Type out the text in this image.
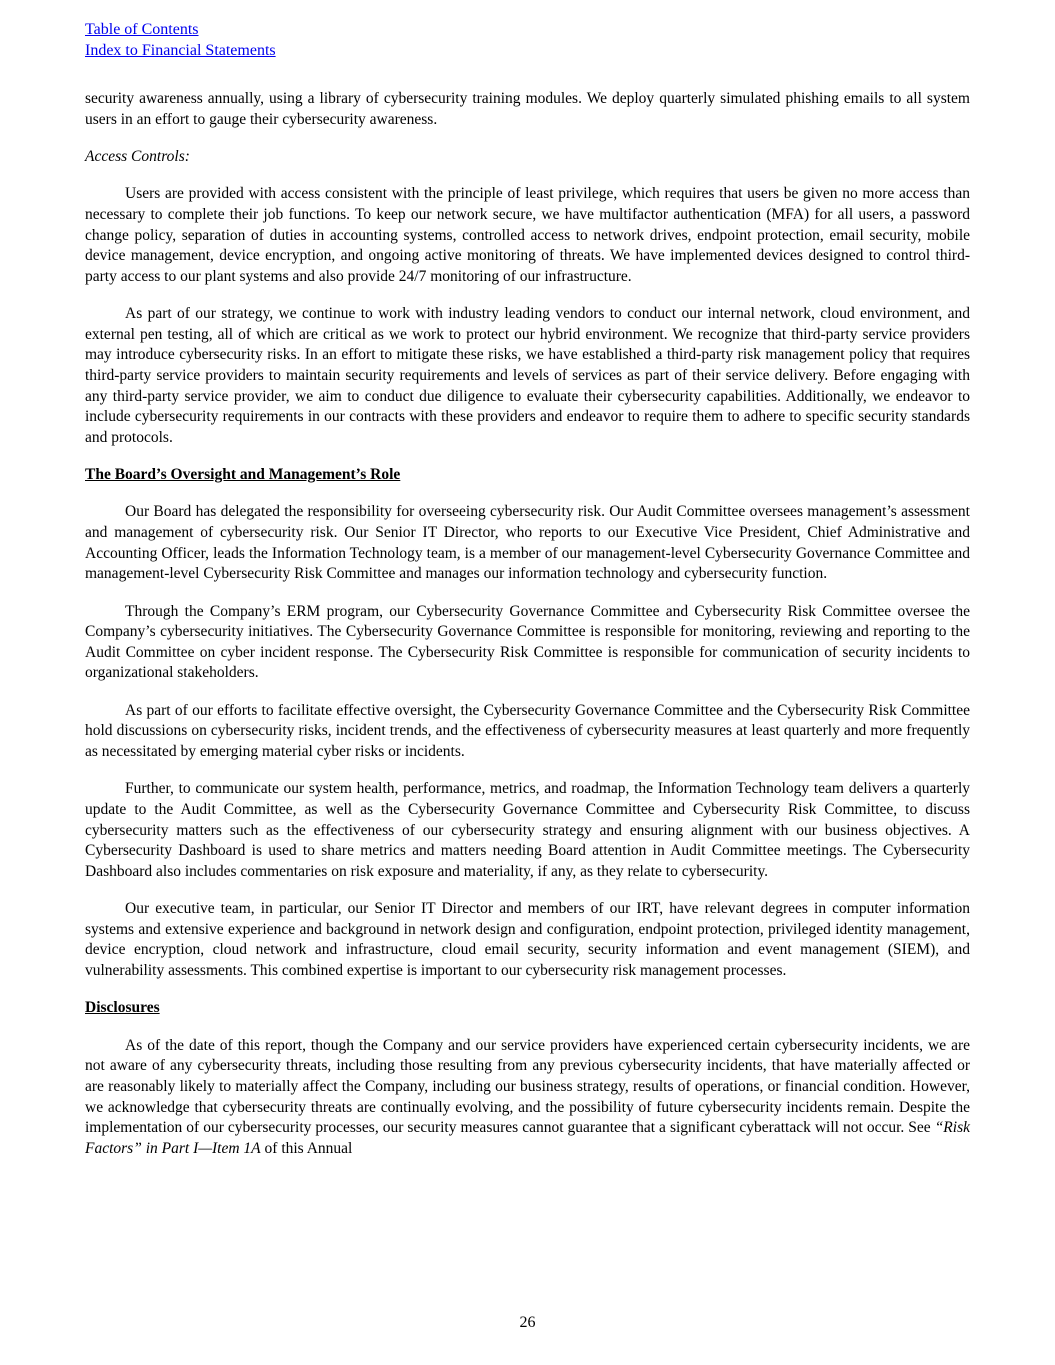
Table of Contents
Index to Financial Statements

security awareness annually, using a library of cybersecurity training modules. We deploy quarterly simulated phishing emails to all system users in an effort to gauge their cybersecurity awareness.

Access Controls:

Users are provided with access consistent with the principle of least privilege, which requires that users be given no more access than necessary to complete their job functions. To keep our network secure, we have multifactor authentication (MFA) for all users, a password change policy, separation of duties in accounting systems, controlled access to network drives, endpoint protection, email security, mobile device management, device encryption, and ongoing active monitoring of threats. We have implemented devices designed to control third-party access to our plant systems and also provide 24/7 monitoring of our infrastructure.

As part of our strategy, we continue to work with industry leading vendors to conduct our internal network, cloud environment, and external pen testing, all of which are critical as we work to protect our hybrid environment. We recognize that third-party service providers may introduce cybersecurity risks. In an effort to mitigate these risks, we have established a third-party risk management policy that requires third-party service providers to maintain security requirements and levels of services as part of their service delivery. Before engaging with any third-party service provider, we aim to conduct due diligence to evaluate their cybersecurity capabilities. Additionally, we endeavor to include cybersecurity requirements in our contracts with these providers and endeavor to require them to adhere to specific security standards and protocols.

The Board’s Oversight and Management’s Role

Our Board has delegated the responsibility for overseeing cybersecurity risk. Our Audit Committee oversees management’s assessment and management of cybersecurity risk. Our Senior IT Director, who reports to our Executive Vice President, Chief Administrative and Accounting Officer, leads the Information Technology team, is a member of our management-level Cybersecurity Governance Committee and management-level Cybersecurity Risk Committee and manages our information technology and cybersecurity function.

Through the Company’s ERM program, our Cybersecurity Governance Committee and Cybersecurity Risk Committee oversee the Company’s cybersecurity initiatives. The Cybersecurity Governance Committee is responsible for monitoring, reviewing and reporting to the Audit Committee on cyber incident response. The Cybersecurity Risk Committee is responsible for communication of security incidents to organizational stakeholders.

As part of our efforts to facilitate effective oversight, the Cybersecurity Governance Committee and the Cybersecurity Risk Committee hold discussions on cybersecurity risks, incident trends, and the effectiveness of cybersecurity measures at least quarterly and more frequently as necessitated by emerging material cyber risks or incidents.

Further, to communicate our system health, performance, metrics, and roadmap, the Information Technology team delivers a quarterly update to the Audit Committee, as well as the Cybersecurity Governance Committee and Cybersecurity Risk Committee, to discuss cybersecurity matters such as the effectiveness of our cybersecurity strategy and ensuring alignment with our business objectives. A Cybersecurity Dashboard is used to share metrics and matters needing Board attention in Audit Committee meetings. The Cybersecurity Dashboard also includes commentaries on risk exposure and materiality, if any, as they relate to cybersecurity.

Our executive team, in particular, our Senior IT Director and members of our IRT, have relevant degrees in computer information systems and extensive experience and background in network design and configuration, endpoint protection, privileged identity management, device encryption, cloud network and infrastructure, cloud email security, security information and event management (SIEM), and vulnerability assessments. This combined expertise is important to our cybersecurity risk management processes.

Disclosures

As of the date of this report, though the Company and our service providers have experienced certain cybersecurity incidents, we are not aware of any cybersecurity threats, including those resulting from any previous cybersecurity incidents, that have materially affected or are reasonably likely to materially affect the Company, including our business strategy, results of operations, or financial condition. However, we acknowledge that cybersecurity threats are continually evolving, and the possibility of future cybersecurity incidents remain. Despite the implementation of our cybersecurity processes, our security measures cannot guarantee that a significant cyberattack will not occur. See “Risk Factors” in Part I—Item 1A of this Annual

26
